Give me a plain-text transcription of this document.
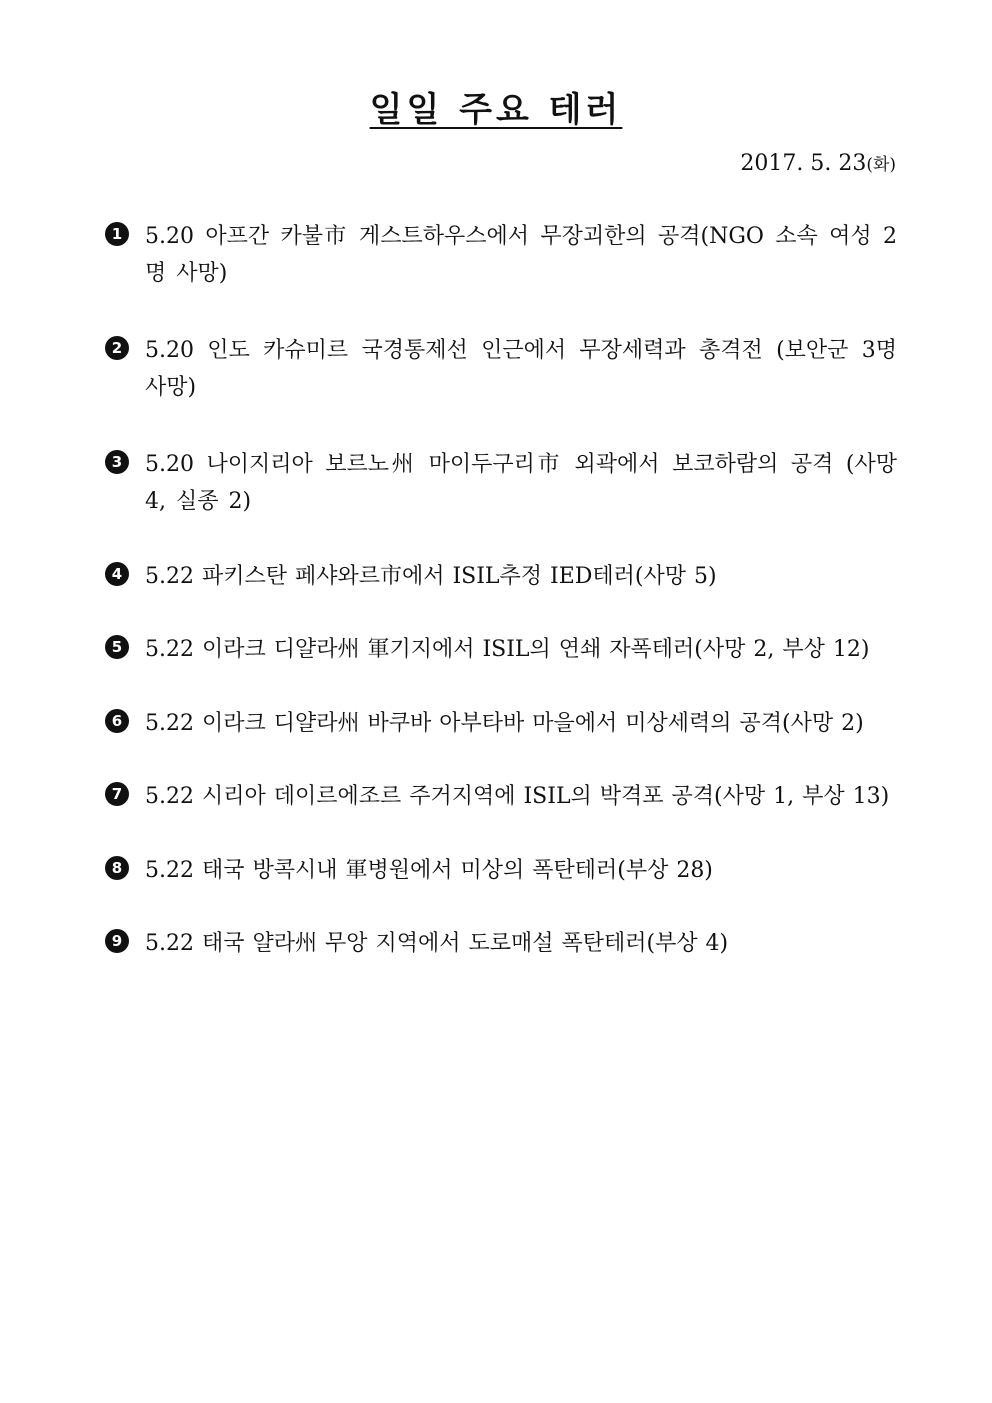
일일 주요 테러
2017. 5. 23(화)
1	5.20 아프간 카불市 게스트하우스에서 무장괴한의 공격(NGO 소속 여성 2명 사망)
2	5.20 인도 카슈미르 국경통제선 인근에서 무장세력과 총격전 (보안군 3명 사망)
3	5.20 나이지리아 보르노州 마이두구리市 외곽에서 보코하람의 공격 (사망 4, 실종 2)
4	5.22 파키스탄 페샤와르市에서 ISIL추정 IED테러(사망 5)
5	5.22 이라크 디얄라州 軍기지에서 ISIL의 연쇄 자폭테러(사망 2, 부상 12)
6	5.22 이라크 디얄라州 바쿠바 아부타바 마을에서 미상세력의 공격(사망 2)
7	5.22 시리아 데이르에조르 주거지역에 ISIL의 박격포 공격(사망 1, 부상 13)
8	5.22 태국 방콕시내 軍병원에서 미상의 폭탄테러(부상 28)
9	5.22 태국 얄라州 무앙 지역에서 도로매설 폭탄테러(부상 4)
